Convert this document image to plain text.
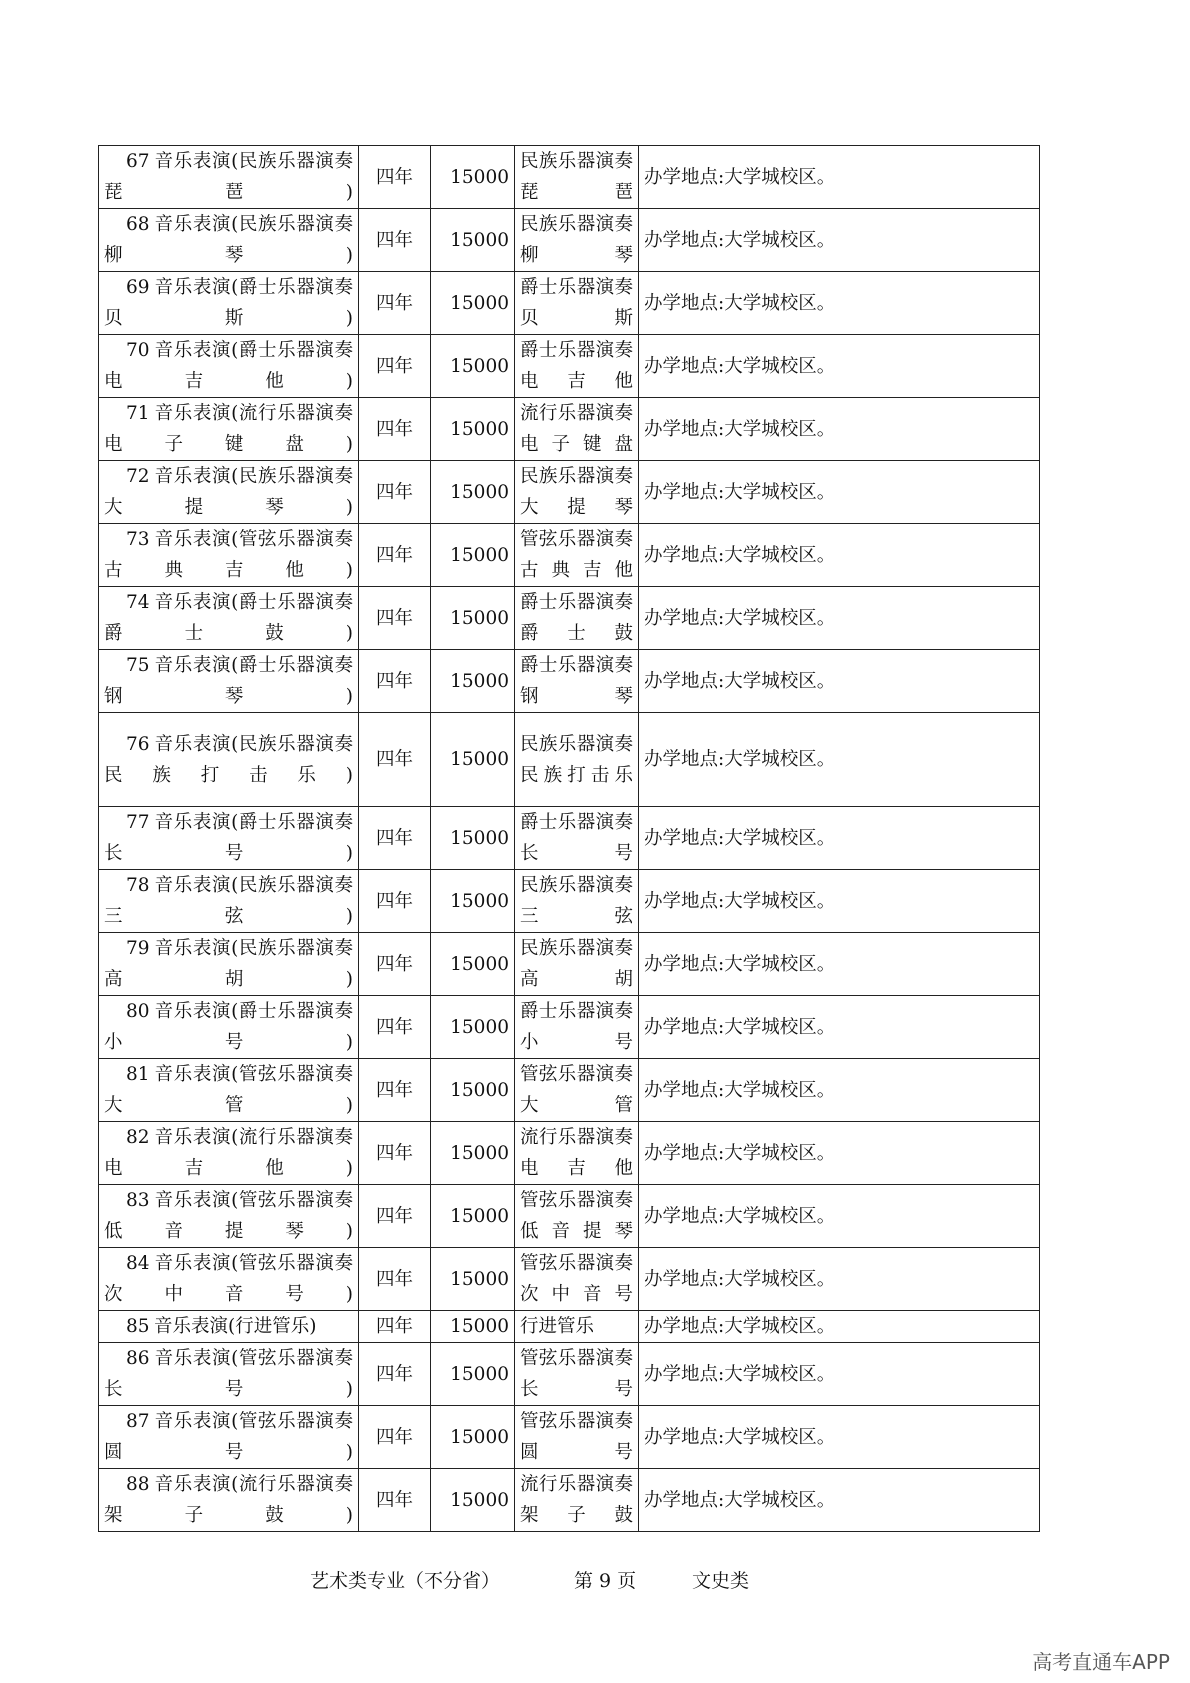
67 音乐表演(民族乐器演奏琵琶)	四年	15000	民族乐器演奏琵琶	办学地点:大学城校区。
68 音乐表演(民族乐器演奏柳琴)	四年	15000	民族乐器演奏柳琴	办学地点:大学城校区。
69 音乐表演(爵士乐器演奏贝斯)	四年	15000	爵士乐器演奏贝斯	办学地点:大学城校区。
70 音乐表演(爵士乐器演奏电吉他)	四年	15000	爵士乐器演奏电吉他	办学地点:大学城校区。
71 音乐表演(流行乐器演奏电子键盘)	四年	15000	流行乐器演奏电子键盘	办学地点:大学城校区。
72 音乐表演(民族乐器演奏大提琴)	四年	15000	民族乐器演奏大提琴	办学地点:大学城校区。
73 音乐表演(管弦乐器演奏古典吉他)	四年	15000	管弦乐器演奏古典吉他	办学地点:大学城校区。
74 音乐表演(爵士乐器演奏爵士鼓)	四年	15000	爵士乐器演奏爵士鼓	办学地点:大学城校区。
75 音乐表演(爵士乐器演奏钢琴)	四年	15000	爵士乐器演奏钢琴	办学地点:大学城校区。
76 音乐表演(民族乐器演奏民族打击乐)	四年	15000	民族乐器演奏民族打击乐	办学地点:大学城校区。
77 音乐表演(爵士乐器演奏长号)	四年	15000	爵士乐器演奏长号	办学地点:大学城校区。
78 音乐表演(民族乐器演奏三弦)	四年	15000	民族乐器演奏三弦	办学地点:大学城校区。
79 音乐表演(民族乐器演奏高胡)	四年	15000	民族乐器演奏高胡	办学地点:大学城校区。
80 音乐表演(爵士乐器演奏小号)	四年	15000	爵士乐器演奏小号	办学地点:大学城校区。
81 音乐表演(管弦乐器演奏大管)	四年	15000	管弦乐器演奏大管	办学地点:大学城校区。
82 音乐表演(流行乐器演奏电吉他)	四年	15000	流行乐器演奏电吉他	办学地点:大学城校区。
83 音乐表演(管弦乐器演奏低音提琴)	四年	15000	管弦乐器演奏低音提琴	办学地点:大学城校区。
84 音乐表演(管弦乐器演奏次中音号)	四年	15000	管弦乐器演奏次中音号	办学地点:大学城校区。
85 音乐表演(行进管乐)	四年	15000	行进管乐	办学地点:大学城校区。
86 音乐表演(管弦乐器演奏长号)	四年	15000	管弦乐器演奏长号	办学地点:大学城校区。
87 音乐表演(管弦乐器演奏圆号)	四年	15000	管弦乐器演奏圆号	办学地点:大学城校区。
88 音乐表演(流行乐器演奏架子鼓)	四年	15000	流行乐器演奏架子鼓	办学地点:大学城校区。
艺术类专业（不分省）	第 9 页	文史类
高考直通车APP
